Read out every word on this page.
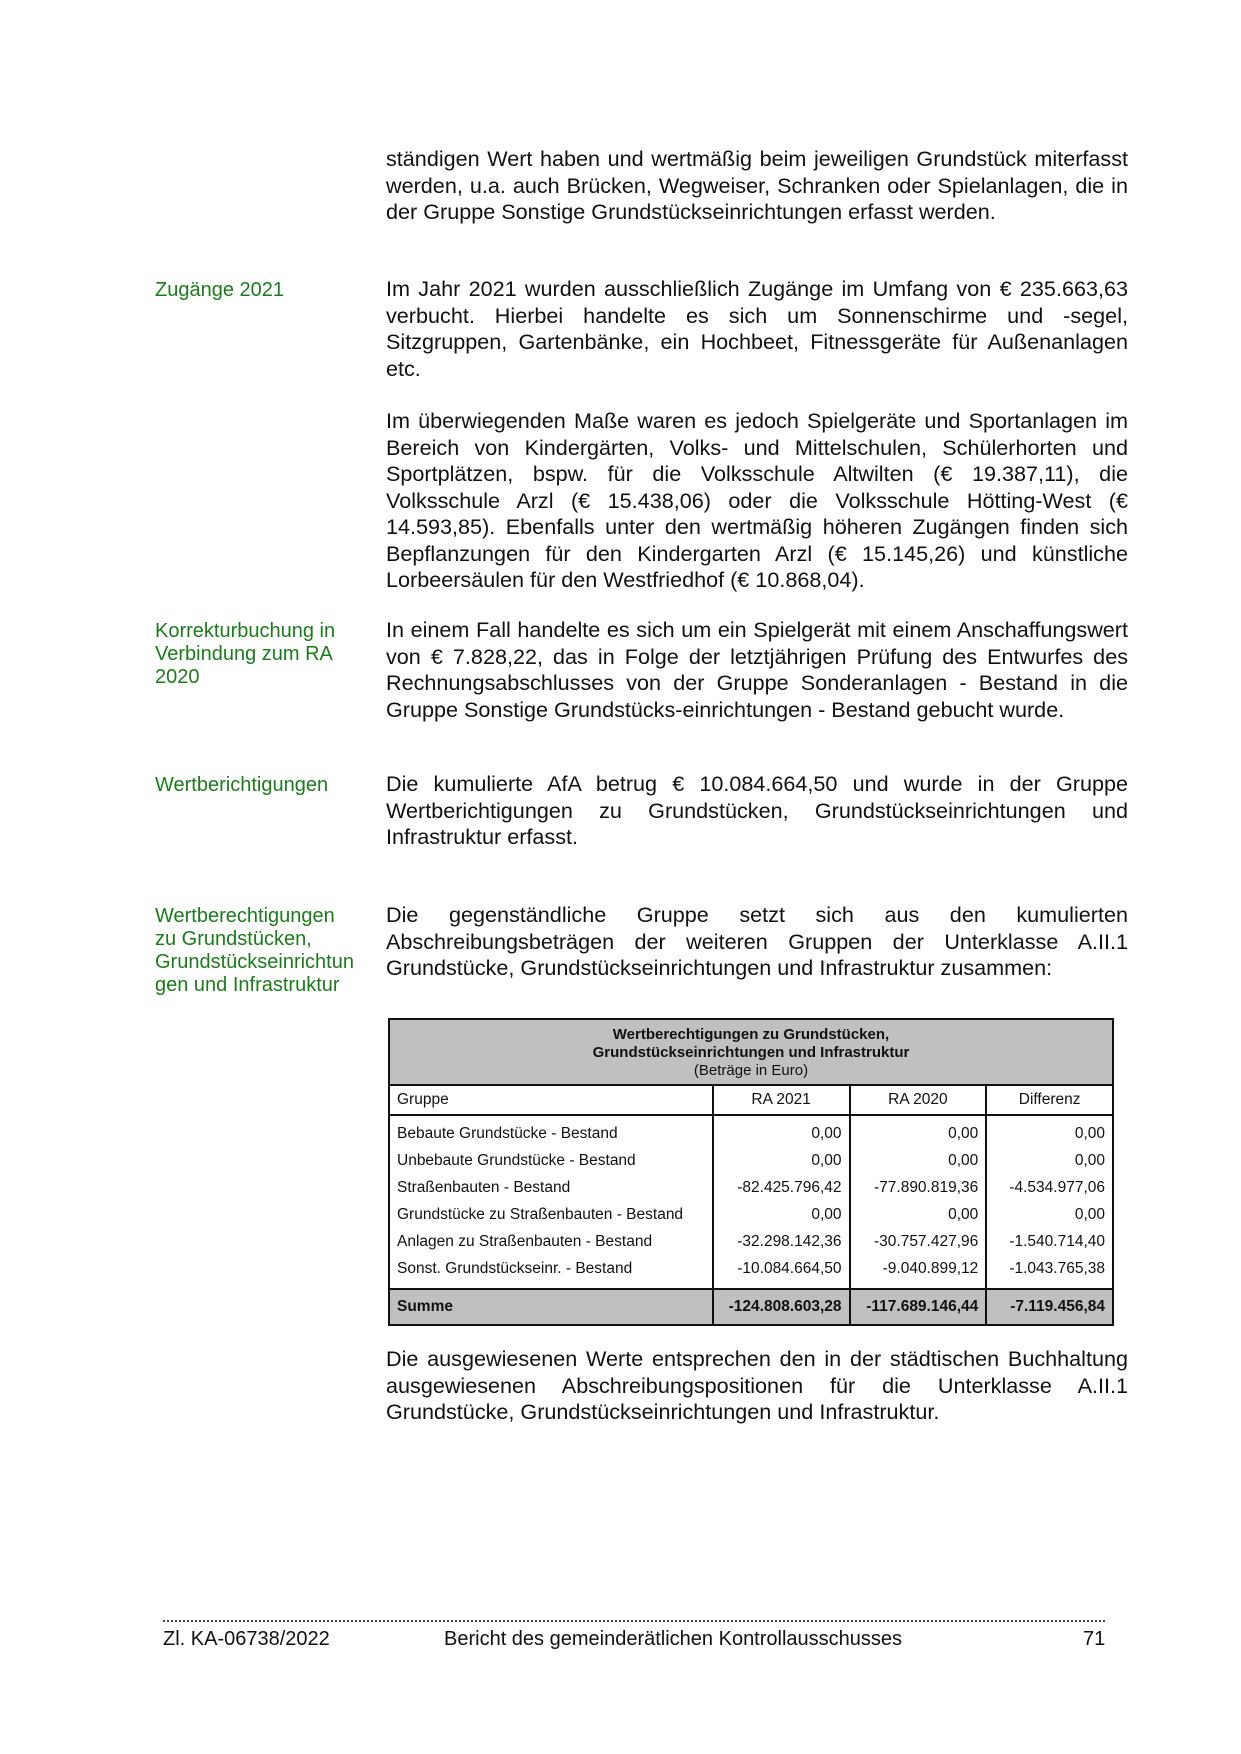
ständigen Wert haben und wertmäßig beim jeweiligen Grundstück miterfasst werden, u.a. auch Brücken, Wegweiser, Schranken oder Spielanlagen, die in der Gruppe Sonstige Grundstückseinrichtungen erfasst werden.

Zugänge 2021	Im Jahr 2021 wurden ausschließlich Zugänge im Umfang von € 235.663,63 verbucht. Hierbei handelte es sich um Sonnenschirme und -segel, Sitzgruppen, Gartenbänke, ein Hochbeet, Fitnessgeräte für Außenanlagen etc.

Im überwiegenden Maße waren es jedoch Spielgeräte und Sportanlagen im Bereich von Kindergärten, Volks- und Mittelschulen, Schülerhorten und Sportplätzen, bspw. für die Volksschule Altwilten (€ 19.387,11), die Volksschule Arzl (€ 15.438,06) oder die Volksschule Hötting-West (€ 14.593,85). Ebenfalls unter den wertmäßig höheren Zugängen finden sich Bepflanzungen für den Kindergarten Arzl (€ 15.145,26) und künstliche Lorbeersäulen für den Westfriedhof (€ 10.868,04).

Korrekturbuchung in Verbindung zum RA 2020

In einem Fall handelte es sich um ein Spielgerät mit einem Anschaffungswert von € 7.828,22, das in Folge der letztjährigen Prüfung des Entwurfes des Rechnungsabschlusses von der Gruppe Sonderanlagen - Bestand in die Gruppe Sonstige Grundstücks-einrichtungen - Bestand gebucht wurde.

Wertberichtigungen	Die kumulierte AfA betrug € 10.084.664,50 und wurde in der Gruppe Wertberichtigungen zu Grundstücken, Grundstückseinrichtungen und Infrastruktur erfasst.

Wertberechtigungen zu Grundstücken, Grundstückseinrichtun gen und Infrastruktur

Die gegenständliche Gruppe setzt sich aus den kumulierten Abschreibungsbeträgen der weiteren Gruppen der Unterklasse A.II.1 Grundstücke, Grundstückseinrichtungen und Infrastruktur zusammen:

Wertberechtigungen zu Grundstücken,
Grundstückseinrichtungen und Infrastruktur
(Beträge in Euro)			

Gruppe	RA 2021	RA 2020	Differenz
Bebaute Grundstücke - Bestand	0,00	0,00	0,00
Unbebaute Grundstücke - Bestand	0,00	0,00	0,00
Straßenbauten - Bestand	-82.425.796,42	-77.890.819,36	-4.534.977,06
Grundstücke zu Straßenbauten - Bestand	0,00	0,00	0,00
Anlagen zu Straßenbauten - Bestand	-32.298.142,36	-30.757.427,96	-1.540.714,40
Sonst. Grundstückseinr. - Bestand	-10.084.664,50	-9.040.899,12	-1.043.765,38
Summe	-124.808.603,28	-117.689.146,44	-7.119.456,84

Die ausgewiesenen Werte entsprechen den in der städtischen Buchhaltung ausgewiesenen Abschreibungspositionen für die Unterklasse A.II.1 Grundstücke, Grundstückseinrichtungen und Infrastruktur.

Zl. KA-06738/2022	Bericht des gemeinderätlichen Kontrollausschusses	71
